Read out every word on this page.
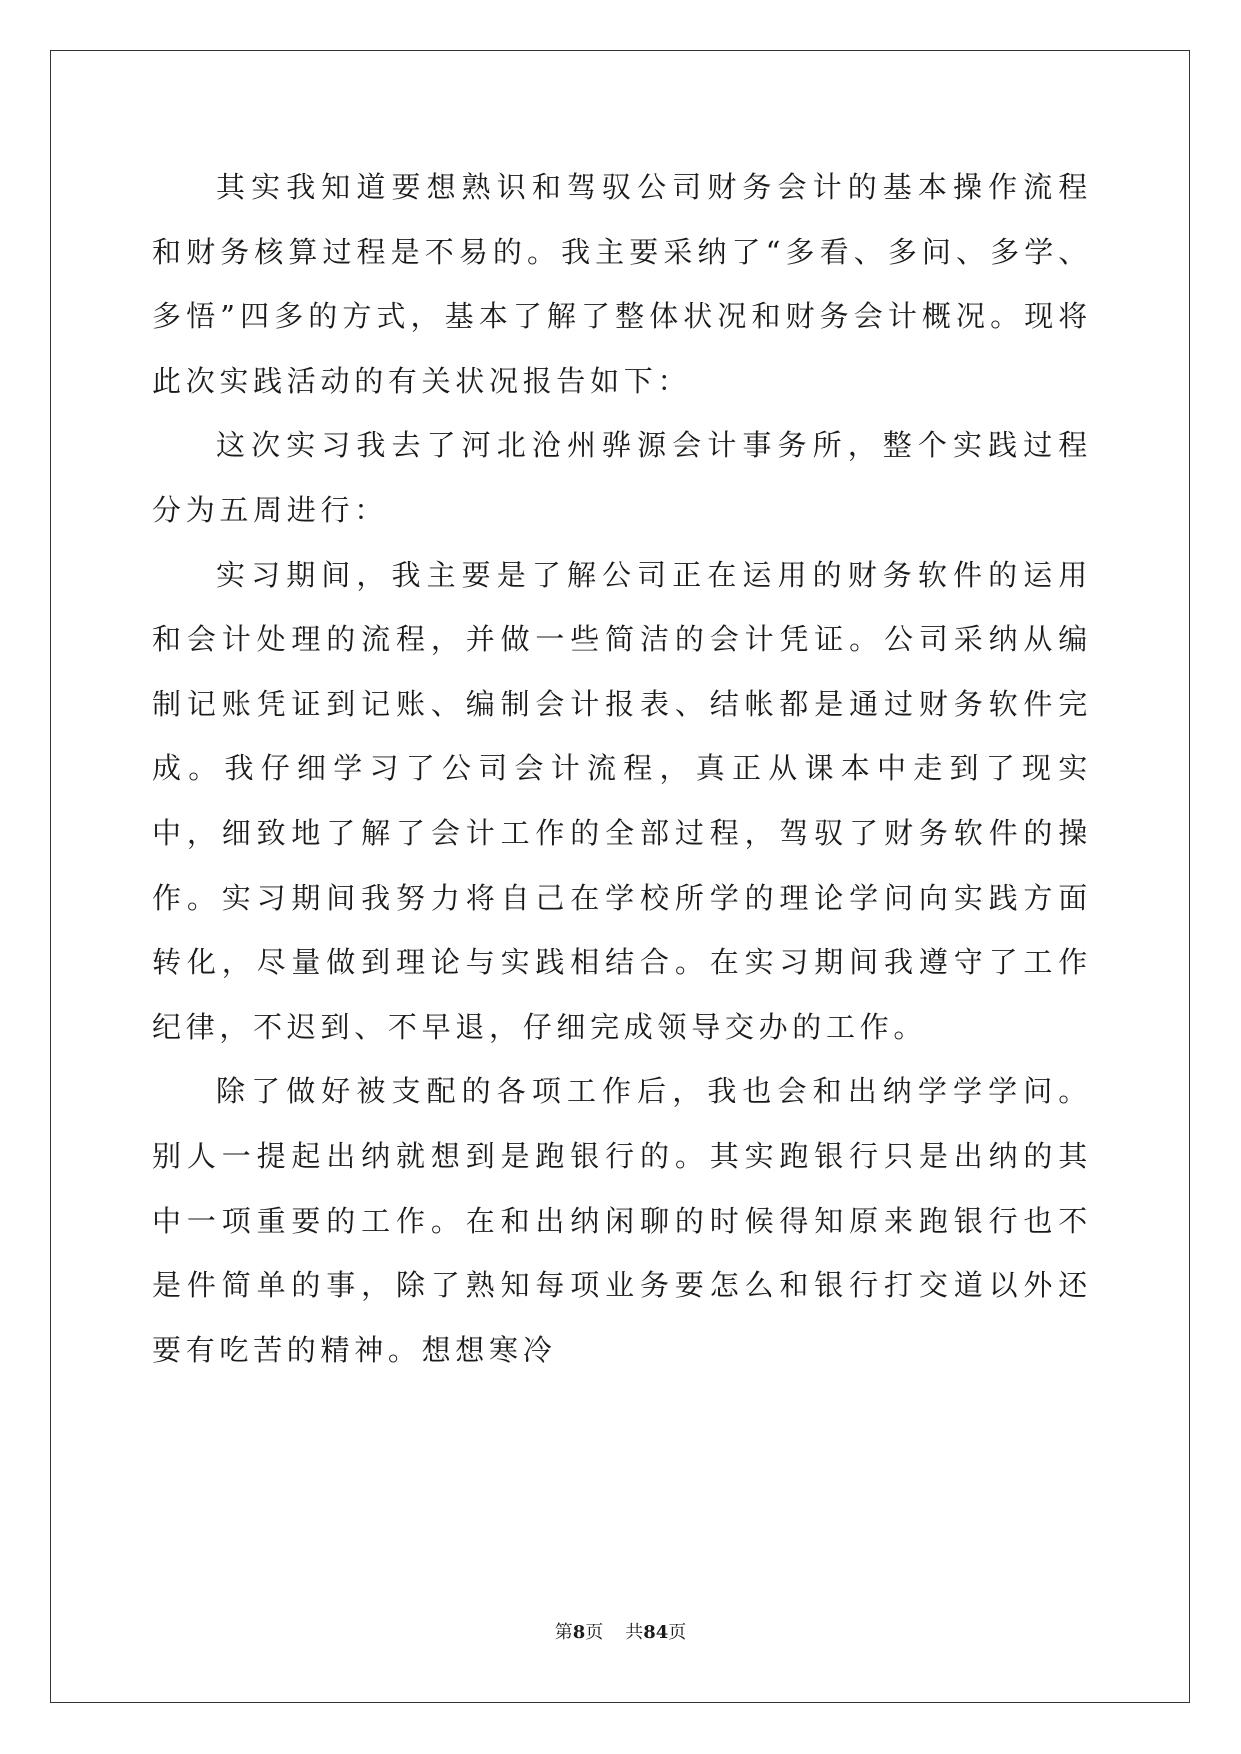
其实我知道要想熟识和驾驭公司财务会计的基本操作流程和财务核算过程是不易的。我主要采纳了“多看、多问、多学、多悟”四多的方式，基本了解了整体状况和财务会计概况。现将此次实践活动的有关状况报告如下：

这次实习我去了河北沧州骅源会计事务所，整个实践过程分为五周进行：

实习期间，我主要是了解公司正在运用的财务软件的运用和会计处理的流程，并做一些简洁的会计凭证。公司采纳从编制记账凭证到记账、编制会计报表、结帐都是通过财务软件完成。我仔细学习了公司会计流程，真正从课本中走到了现实中，细致地了解了会计工作的全部过程，驾驭了财务软件的操作。实习期间我努力将自己在学校所学的理论学问向实践方面转化，尽量做到理论与实践相结合。在实习期间我遵守了工作纪律，不迟到、不早退，仔细完成领导交办的工作。

除了做好被支配的各项工作后，我也会和出纳学学学问。别人一提起出纳就想到是跑银行的。其实跑银行只是出纳的其中一项重要的工作。在和出纳闲聊的时候得知原来跑银行也不是件简单的事，除了熟知每项业务要怎么和银行打交道以外还要有吃苦的精神。想想寒冷

第8页 共84页
